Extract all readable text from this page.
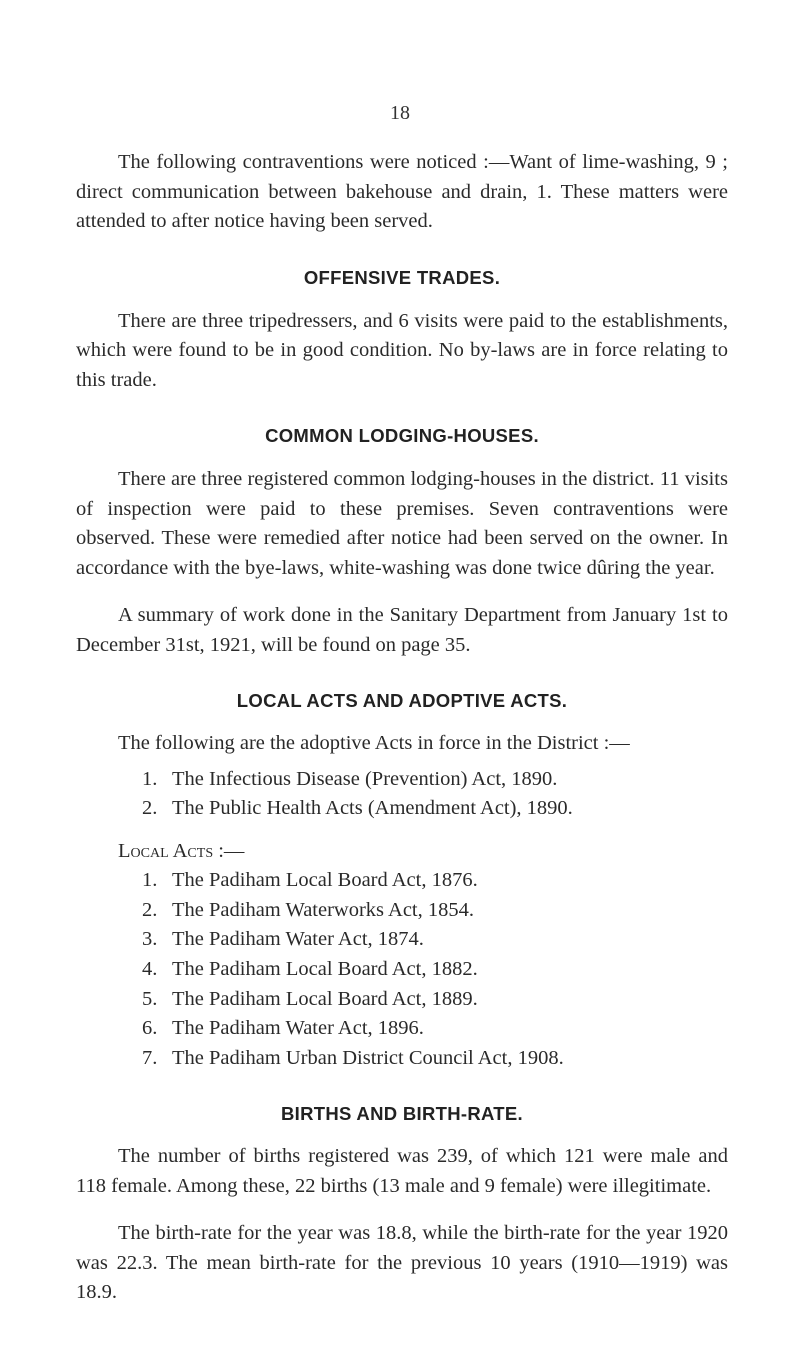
18

The following contraventions were noticed :—Want of lime-washing, 9 ; direct communication between bakehouse and drain, 1. These matters were attended to after notice having been served.

OFFENSIVE TRADES.

There are three tripedressers, and 6 visits were paid to the establishments, which were found to be in good condition. No by-laws are in force relating to this trade.

COMMON LODGING-HOUSES.

There are three registered common lodging-houses in the district. 11 visits of inspection were paid to these premises. Seven contraventions were observed. These were remedied after notice had been served on the owner. In accordance with the bye-laws, white-washing was done twice dûring the year.

A summary of work done in the Sanitary Department from January 1st to December 31st, 1921, will be found on page 35.

LOCAL ACTS AND ADOPTIVE ACTS.
The following are the adoptive Acts in force in the District :—
1. The Infectious Disease (Prevention) Act, 1890.
2. The Public Health Acts (Amendment Act), 1890.
Local Acts :—
1. The Padiham Local Board Act, 1876.
2. The Padiham Waterworks Act, 1854.
3. The Padiham Water Act, 1874.
4. The Padiham Local Board Act, 1882.
5. The Padiham Local Board Act, 1889.
6. The Padiham Water Act, 1896.
7. The Padiham Urban District Council Act, 1908.
BIRTHS AND BIRTH-RATE.

The number of births registered was 239, of which 121 were male and 118 female. Among these, 22 births (13 male and 9 female) were illegitimate.

The birth-rate for the year was 18.8, while the birth-rate for the year 1920 was 22.3. The mean birth-rate for the previous 10 years (1910—1919) was 18.9.
